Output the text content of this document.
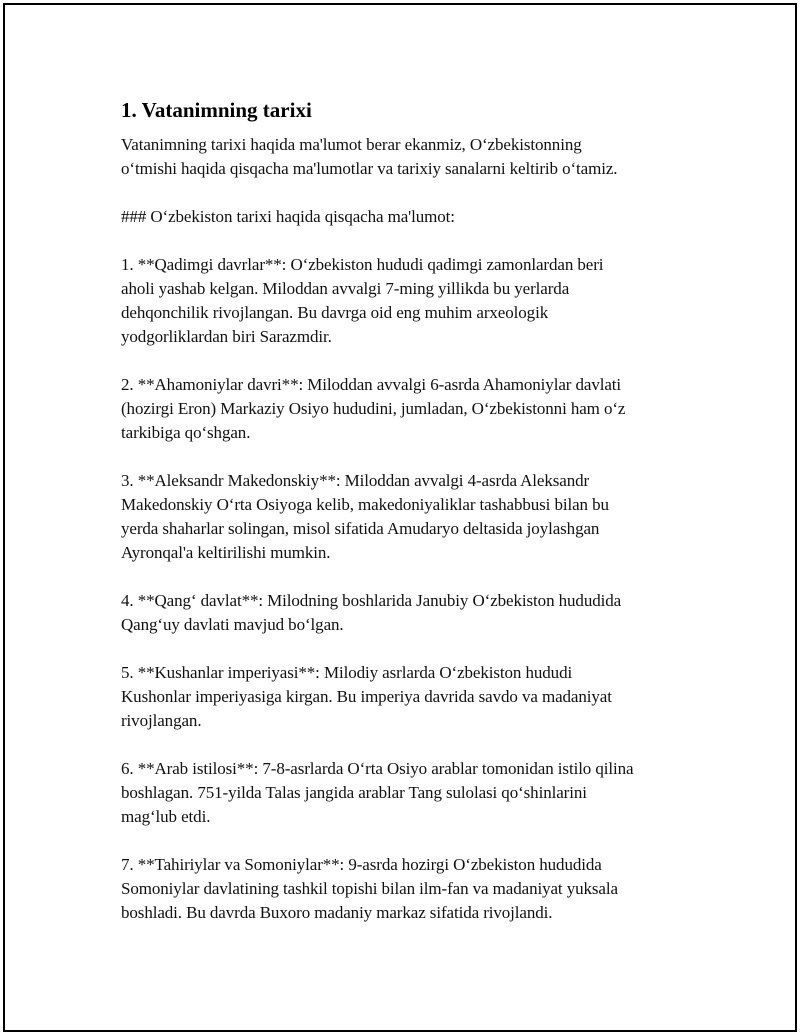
1. Vatanimning tarixi

Vatanimning tarixi haqida ma'lumot berar ekanmiz, O‘zbekistonning
o‘tmishi haqida qisqacha ma'lumotlar va tarixiy sanalarni keltirib o‘tamiz.

### O‘zbekiston tarixi haqida qisqacha ma'lumot:

1. **Qadimgi davrlar**: O‘zbekiston hududi qadimgi zamonlardan beri
aholi yashab kelgan. Miloddan avvalgi 7-ming yillikda bu yerlarda
dehqonchilik rivojlangan. Bu davrga oid eng muhim arxeologik
yodgorliklardan biri Sarazmdir.

2. **Ahamoniylar davri**: Miloddan avvalgi 6-asrda Ahamoniylar davlati
(hozirgi Eron) Markaziy Osiyo hududini, jumladan, O‘zbekistonni ham o‘z
tarkibiga qo‘shgan.

3. **Aleksandr Makedonskiy**: Miloddan avvalgi 4-asrda Aleksandr
Makedonskiy O‘rta Osiyoga kelib, makedoniyaliklar tashabbusi bilan bu
yerda shaharlar solingan, misol sifatida Amudaryo deltasida joylashgan
Ayronqal'a keltirilishi mumkin.

4. **Qang‘ davlat**: Milodning boshlarida Janubiy O‘zbekiston hududida
Qang‘uy davlati mavjud bo‘lgan.

5. **Kushanlar imperiyasi**: Milodiy asrlarda O‘zbekiston hududi
Kushonlar imperiyasiga kirgan. Bu imperiya davrida savdo va madaniyat
rivojlangan.

6. **Arab istilosi**: 7-8-asrlarda O‘rta Osiyo arablar tomonidan istilo qilina
boshlagan. 751-yilda Talas jangida arablar Tang sulolasi qo‘shinlarini
mag‘lub etdi.

7. **Tahiriylar va Somoniylar**: 9-asrda hozirgi O‘zbekiston hududida
Somoniylar davlatining tashkil topishi bilan ilm-fan va madaniyat yuksala
boshladi. Bu davrda Buxoro madaniy markaz sifatida rivojlandi.
